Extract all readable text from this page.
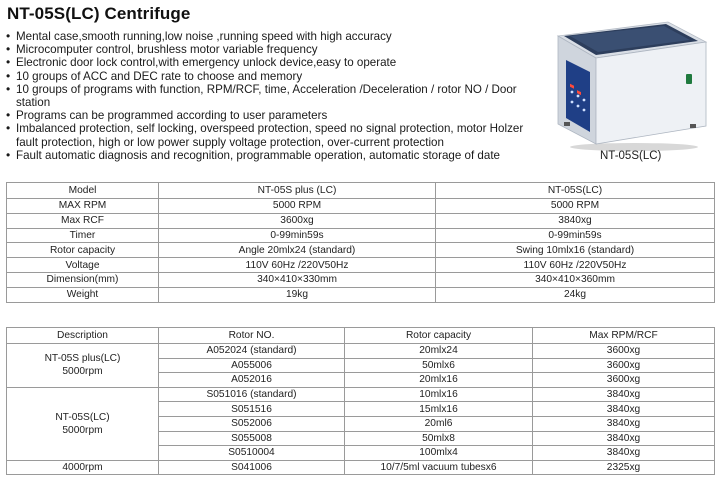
NT-05S(LC) Centrifuge
• Mental case,smooth running,low noise ,running speed with high accuracy
• Microcomputer control, brushless motor variable frequency
• Electronic door lock control,with emergency unlock device,easy to operate
• 10 groups of ACC and DEC rate to choose and memory
• 10 groups of programs with function, RPM/RCF, time, Acceleration /Deceleration / rotor NO / Door station
• Programs can be programmed according to user parameters
• Imbalanced protection, self locking, overspeed protection, speed no signal protection, motor Holzer fault protection, high or low power supply voltage protection, over-current protection
• Fault automatic diagnosis and recognition, programmable operation, automatic storage of date	NT-05S(LC)
Model	NT-05S plus (LC)	NT-05S(LC)
MAX RPM	5000 RPM	5000 RPM
Max RCF	3600xg	3840xg
Timer	0-99min59s	0-99min59s
Rotor capacity	Angle 20mlx24 (standard)	Swing 10mlx16 (standard)
Voltage	110V 60Hz /220V50Hz	110V 60Hz /220V50Hz
Dimension(mm)	340×410×330mm	340×410×360mm
Weight	19kg	24kg
Description	Rotor NO.	Rotor capacity	Max RPM/RCF

NT-05S plus(LC)
5000rpm	A052024 (standard)	20mlx24	3600xg
	A055006	50mlx6	3600xg
	A052016	20mlx16	3600xg

NT-05S(LC)
5000rpm	S051016 (standard)	10mlx16	3840xg
	S051516	15mlx16	3840xg
	S052006	20ml6	3840xg
	S055008	50mlx8	3840xg
	S0510004	100mlx4	3840xg

4000rpm	S041006	10/7/5ml vacuum tubesx6	2325xg
